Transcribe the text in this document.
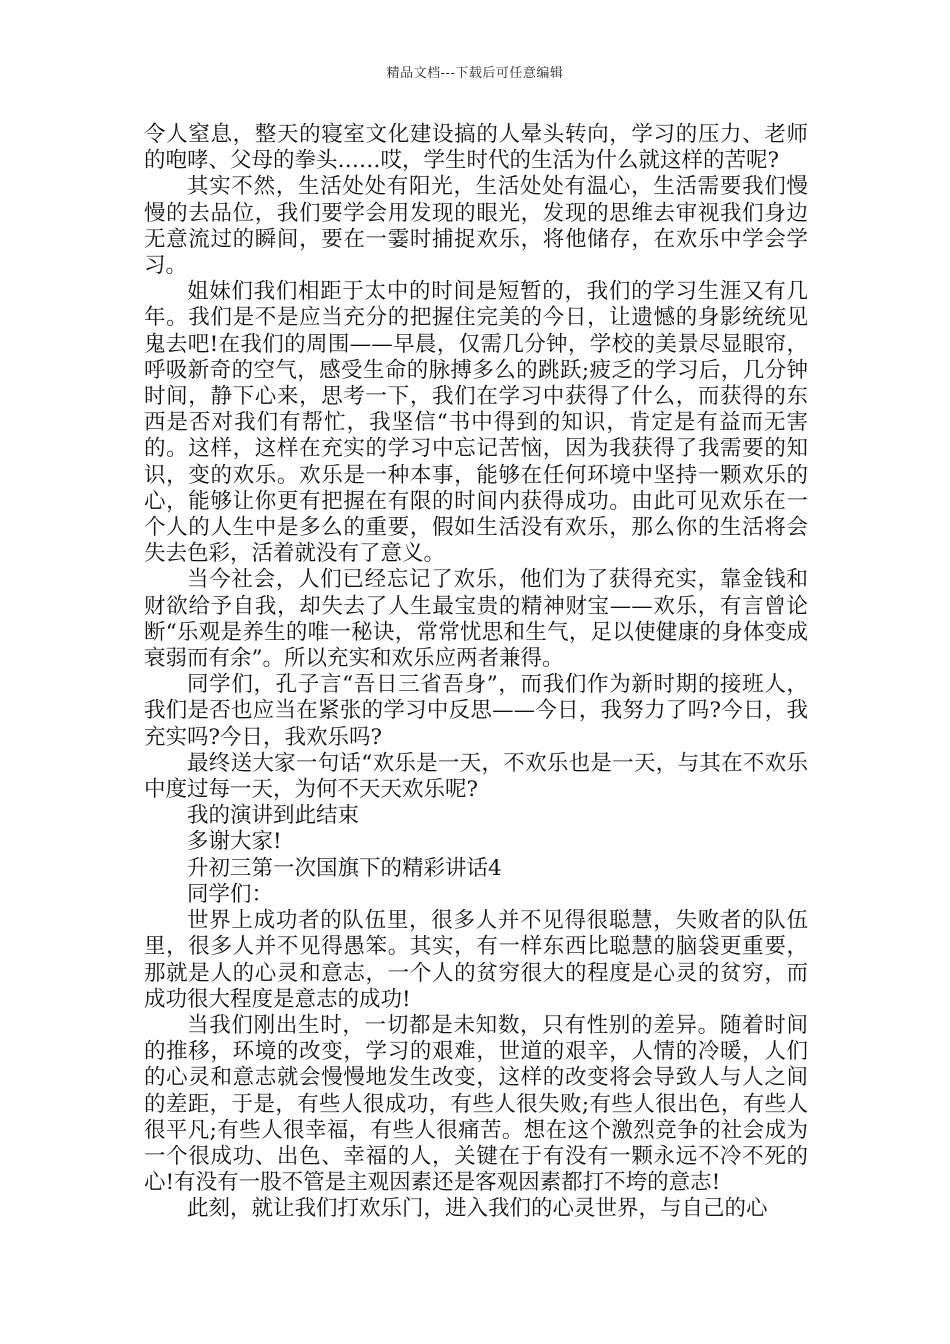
精品文档---下载后可任意编辑

令人窒息，整天的寝室文化建设搞的人晕头转向，学习的压力、老师的咆哮、父母的拳头……哎，学生时代的生活为什么就这样的苦呢?

其实不然，生活处处有阳光，生活处处有温心，生活需要我们慢慢的去品位，我们要学会用发现的眼光，发现的思维去审视我们身边无意流过的瞬间，要在一霎时捕捉欢乐，将他储存，在欢乐中学会学习。

姐妹们我们相距于太中的时间是短暂的，我们的学习生涯又有几年。我们是不是应当充分的把握住完美的今日，让遗憾的身影统统见鬼去吧!在我们的周围——早晨，仅需几分钟，学校的美景尽显眼帘，呼吸新奇的空气，感受生命的脉搏多么的跳跃;疲乏的学习后，几分钟时间，静下心来，思考一下，我们在学习中获得了什么，而获得的东西是否对我们有帮忙，我坚信“书中得到的知识，肯定是有益而无害的。这样，这样在充实的学习中忘记苦恼，因为我获得了我需要的知识，变的欢乐。欢乐是一种本事，能够在任何环境中坚持一颗欢乐的心，能够让你更有把握在有限的时间内获得成功。由此可见欢乐在一个人的人生中是多么的重要，假如生活没有欢乐，那么你的生活将会失去色彩，活着就没有了意义。

当今社会，人们已经忘记了欢乐，他们为了获得充实，靠金钱和财欲给予自我，却失去了人生最宝贵的精神财宝——欢乐，有言曾论断“乐观是养生的唯一秘诀，常常忧思和生气，足以使健康的身体变成衰弱而有余”。所以充实和欢乐应两者兼得。

同学们，孔子言“吾日三省吾身”，而我们作为新时期的接班人，我们是否也应当在紧张的学习中反思——今日，我努力了吗?今日，我充实吗?今日，我欢乐吗?

最终送大家一句话“欢乐是一天，不欢乐也是一天，与其在不欢乐中度过每一天，为何不天天欢乐呢?

我的演讲到此结束

多谢大家!

升初三第一次国旗下的精彩讲话4

同学们：

世界上成功者的队伍里，很多人并不见得很聪慧，失败者的队伍里，很多人并不见得愚笨。其实，有一样东西比聪慧的脑袋更重要，那就是人的心灵和意志，一个人的贫穷很大的程度是心灵的贫穷，而成功很大程度是意志的成功!

当我们刚出生时，一切都是未知数，只有性别的差异。随着时间的推移，环境的改变，学习的艰难，世道的艰辛，人情的冷暖，人们的心灵和意志就会慢慢地发生改变，这样的改变将会导致人与人之间的差距，于是，有些人很成功，有些人很失败;有些人很出色，有些人很平凡;有些人很幸福，有些人很痛苦。想在这个激烈竞争的社会成为一个很成功、出色、幸福的人，关键在于有没有一颗永远不冷不死的心!有没有一股不管是主观因素还是客观因素都打不垮的意志!

此刻，就让我们打欢乐门，进入我们的心灵世界，与自己的心
